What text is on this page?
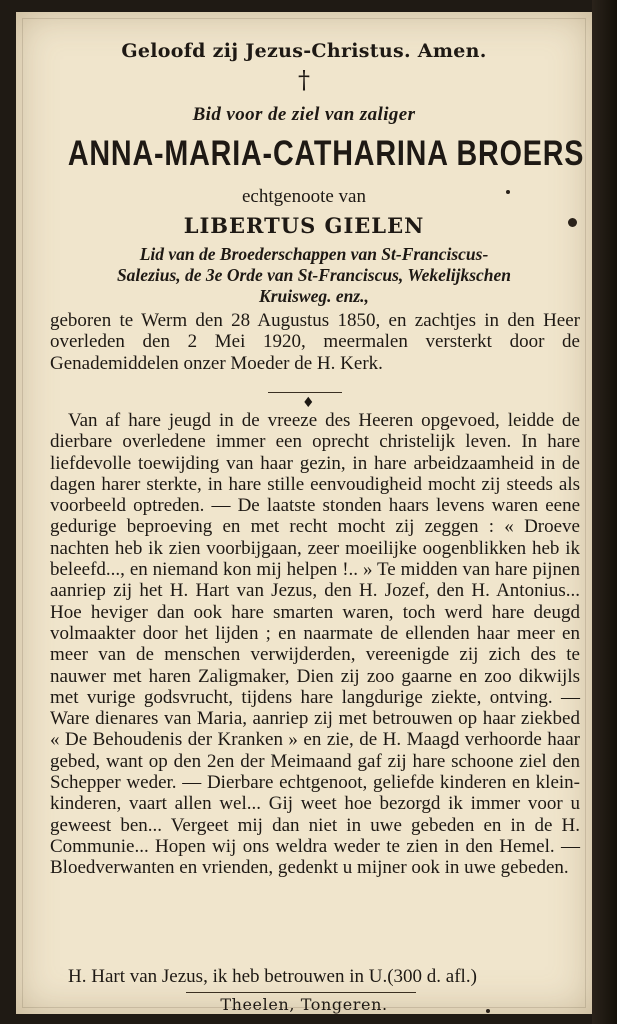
Geloofd zij Jezus-Christus. Amen.
†
Bid voor de ziel van zaliger
ANNA-MARIA-CATHARINA BROERS
echtgenoote van
LIBERTUS GIELEN
Lid van de Broederschappen van St-Franciscus-
Salezius, de 3e Orde van St-Franciscus, Wekelijkschen
Kruisweg. enz.,
geboren te Werm den 28 Augustus 1850, en zachtjes in den Heer overleden den 2 Mei 1920, meermalen versterkt door de Genademiddelen onzer Moeder de H. Kerk.
♦
Van af hare jeugd in de vreeze des Heeren opgevoed, leidde de dierbare overledene immer een oprecht christelijk leven. In hare liefdevolle toewijding van haar gezin, in hare arbeidzaamheid in de dagen harer sterkte, in hare stille eenvoudigheid mocht zij steeds als voorbeeld optreden. — De laatste stonden haars levens waren eene gedurige beproeving en met recht mocht zij zeggen : « Droeve nachten heb ik zien voorbijgaan, zeer moeilijke oogenblikken heb ik beleefd..., en niemand kon mij helpen !.. » Te midden van hare pijnen aanriep zij het H. Hart van Jezus, den H. Jozef, den H. Antonius... Hoe heviger dan ook hare smarten waren, toch werd hare deugd volmaakter door het lijden ; en naarmate de ellenden haar meer en meer van de menschen verwijderden, vereenigde zij zich des te nauwer met haren Zaligmaker, Dien zij zoo gaarne en zoo dikwijls met vurige godsvrucht, tijdens hare langdurige ziekte, ontving. — Ware dienares van Maria, aanriep zij met betrouwen op haar ziekbed « De Behoudenis der Kranken » en zie, de H. Maagd verhoorde haar gebed, want op den 2en der Meimaand gaf zij hare schoone ziel den Schepper weder. — Dierbare echtgenoot, geliefde kinderen en klein-kinderen, vaart allen wel... Gij weet hoe bezorgd ik immer voor u geweest ben... Vergeet mij dan niet in uwe gebeden en in de H. Communie... Hopen wij ons weldra weder te zien in den Hemel. — Bloedverwanten en vrienden, gedenkt u mijner ook in uwe gebeden.
H. Hart van Jezus, ik heb betrouwen in U.(300 d. afl.)
Theelen, Tongeren.
